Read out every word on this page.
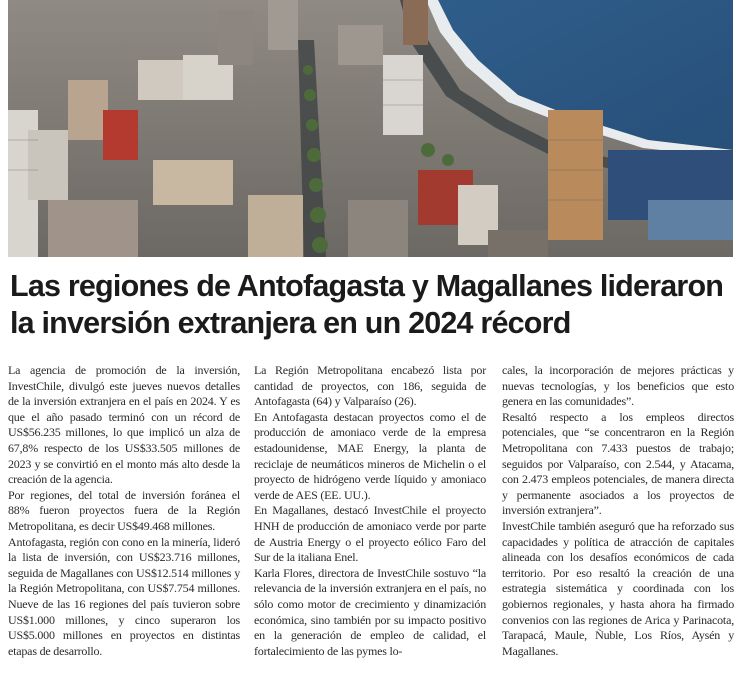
Las regiones de Antofagasta y Magallanes lideraron
la inversión extranjera en un 2024 récord

La agencia de promoción de la inversión, InvestChile, divulgó este jueves nuevos detalles de la inversión extranjera en el país en 2024. Y es que el año pasado terminó con un récord de US$56.235 millones, lo que implicó un alza de 67,8% respecto de los US$33.505 millones de 2023 y se convirtió en el monto más alto desde la creación de la agencia.

Por regiones, del total de inversión foránea el 88% fueron proyectos fuera de la Región Metropolitana, es decir US$49.468 millones.

Antofagasta, región con cono en la minería, lideró la lista de inversión, con US$23.716 millones, seguida de Magallanes con US$12.514 millones y la Región Metropolitana, con US$7.754 millones. Nueve de las 16 regiones del país tuvieron sobre US$1.000 millones, y cinco superaron los US$5.000 millones en proyectos en distintas etapas de desarrollo.

La Región Metropolitana encabezó lista por cantidad de proyectos, con 186, seguida de Antofagasta (64) y Valparaíso (26).

En Antofagasta destacan proyectos como el de producción de amoniaco verde de la empresa estadounidense, MAE Energy, la planta de reciclaje de neumáticos mineros de Michelin o el proyecto de hidrógeno verde líquido y amoniaco verde de AES (EE. UU.).

En Magallanes, destacó InvestChile el proyecto HNH de producción de amoniaco verde por parte de Austria Energy o el proyecto eólico Faro del Sur de la italiana Enel.

Karla Flores, directora de InvestChile sostuvo “la relevancia de la inversión extranjera en el país, no sólo como motor de crecimiento y dinamización económica, sino también por su impacto positivo en la generación de empleo de calidad, el fortalecimiento de las pymes lo-

cales, la incorporación de mejores prácticas y nuevas tecnologías, y los beneficios que esto genera en las comunidades”.

Resaltó respecto a los empleos directos potenciales, que “se concentraron en la Región Metropolitana con 7.433 puestos de trabajo; seguidos por Valparaíso, con 2.544, y Atacama, con 2.473 empleos potenciales, de manera directa y permanente asociados a los proyectos de inversión extranjera”.

InvestChile también aseguró que ha reforzado sus capacidades y política de atracción de capitales alineada con los desafíos económicos de cada territorio. Por eso resaltó la creación de una estrategia sistemática y coordinada con los gobiernos regionales, y hasta ahora ha firmado convenios con las regiones de Arica y Parinacota, Tarapacá, Maule, Ñuble, Los Ríos, Aysén y Magallanes.
